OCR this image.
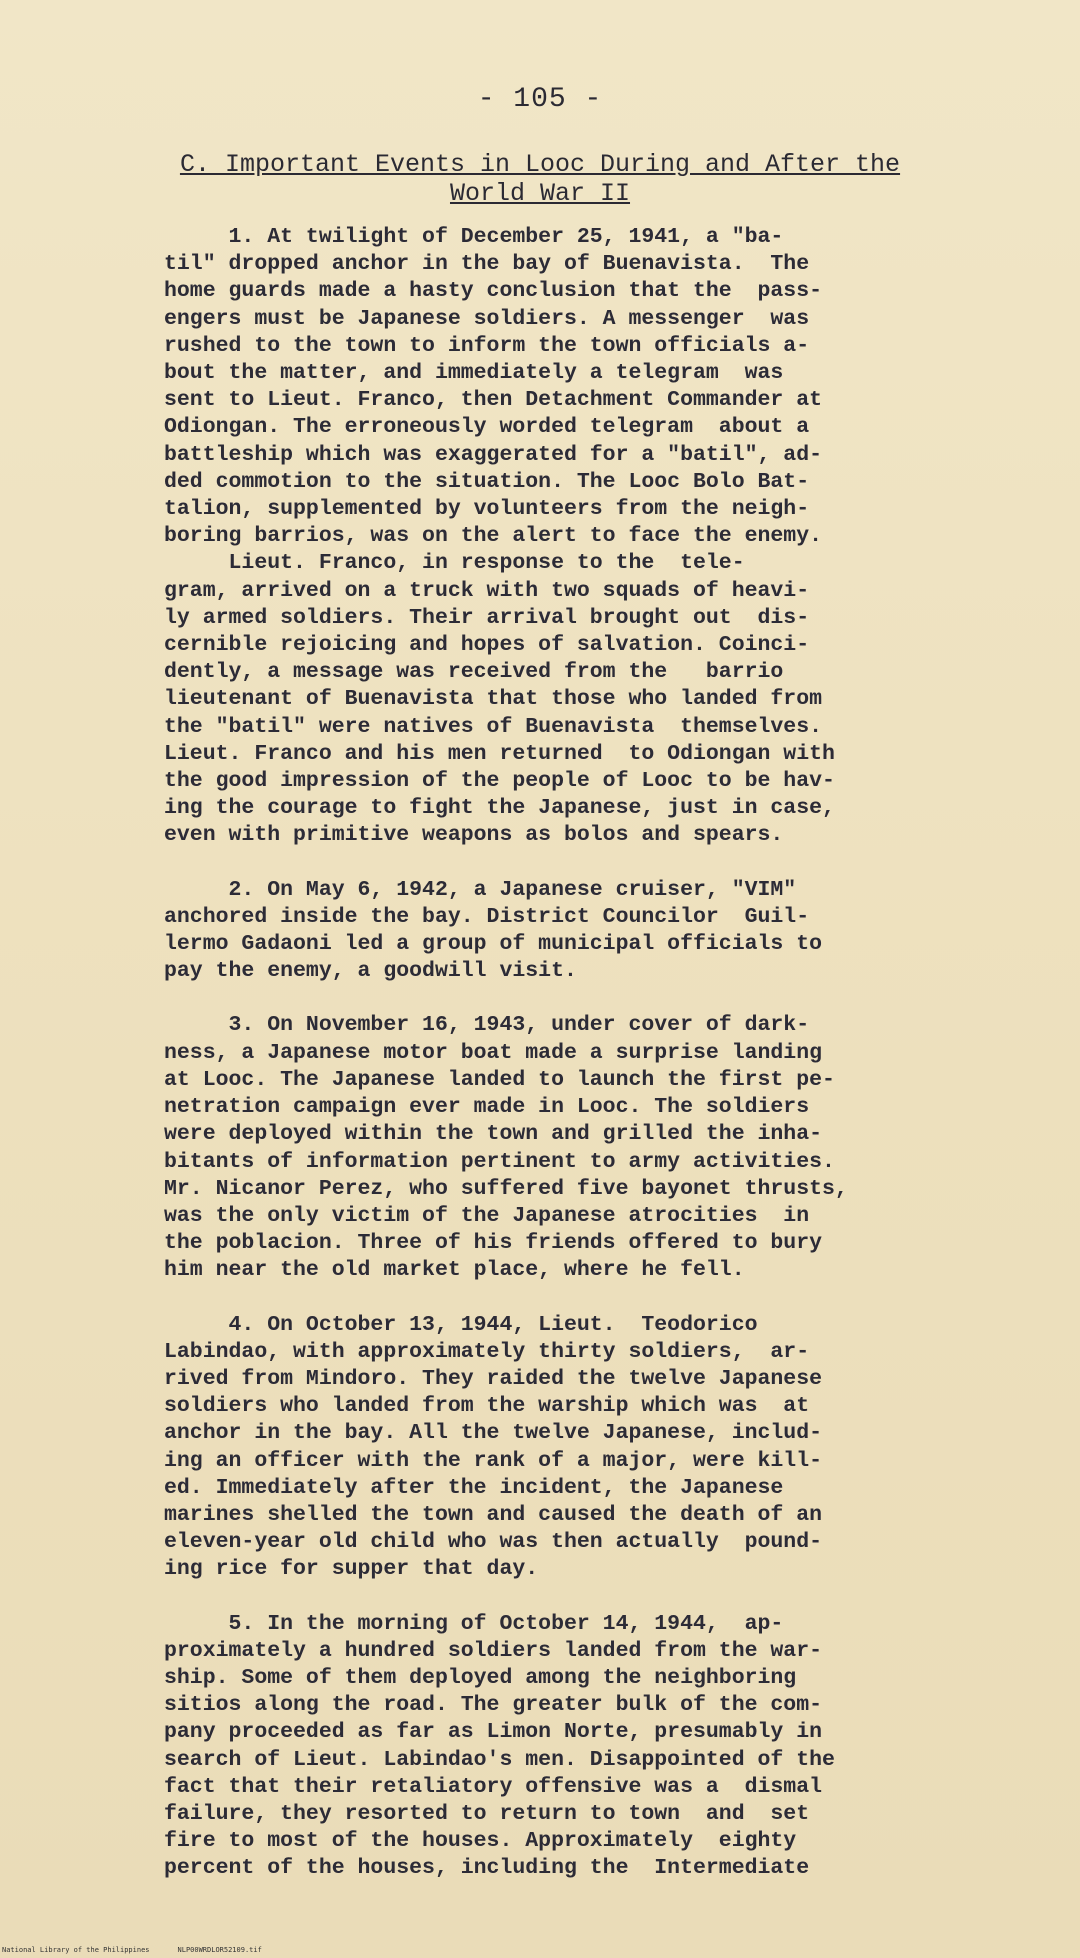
- 105 -
C. Important Events in Looc During and After the
World War II
1. At twilight of December 25, 1941, a "ba-
til" dropped anchor in the bay of Buenavista.  The
home guards made a hasty conclusion that the  pass-
engers must be Japanese soldiers. A messenger  was
rushed to the town to inform the town officials a-
bout the matter, and immediately a telegram  was
sent to Lieut. Franco, then Detachment Commander at
Odiongan. The erroneously worded telegram  about a
battleship which was exaggerated for a "batil", ad-
ded commotion to the situation. The Looc Bolo Bat-
talion, supplemented by volunteers from the neigh-
boring barrios, was on the alert to face the enemy.
Lieut. Franco, in response to the  tele-
gram, arrived on a truck with two squads of heavi-
ly armed soldiers. Their arrival brought out  dis-
cernible rejoicing and hopes of salvation. Coinci-
dently, a message was received from the   barrio
lieutenant of Buenavista that those who landed from
the "batil" were natives of Buenavista  themselves.
Lieut. Franco and his men returned  to Odiongan with
the good impression of the people of Looc to be hav-
ing the courage to fight the Japanese, just in case,
even with primitive weapons as bolos and spears.
2. On May 6, 1942, a Japanese cruiser, "VIM"
anchored inside the bay. District Councilor  Guil-
lermo Gadaoni led a group of municipal officials to
pay the enemy, a goodwill visit.
3. On November 16, 1943, under cover of dark-
ness, a Japanese motor boat made a surprise landing
at Looc. The Japanese landed to launch the first pe-
netration campaign ever made in Looc. The soldiers
were deployed within the town and grilled the inha-
bitants of information pertinent to army activities.
Mr. Nicanor Perez, who suffered five bayonet thrusts,
was the only victim of the Japanese atrocities  in
the poblacion. Three of his friends offered to bury
him near the old market place, where he fell.
4. On October 13, 1944, Lieut.  Teodorico
Labindao, with approximately thirty soldiers,  ar-
rived from Mindoro. They raided the twelve Japanese
soldiers who landed from the warship which was  at
anchor in the bay. All the twelve Japanese, includ-
ing an officer with the rank of a major, were kill-
ed. Immediately after the incident, the Japanese
marines shelled the town and caused the death of an
eleven-year old child who was then actually  pound-
ing rice for supper that day.
5. In the morning of October 14, 1944,  ap-
proximately a hundred soldiers landed from the war-
ship. Some of them deployed among the neighboring
sitios along the road. The greater bulk of the com-
pany proceeded as far as Limon Norte, presumably in
search of Lieut. Labindao's men. Disappointed of the
fact that their retaliatory offensive was a  dismal
failure, they resorted to return to town  and  set
fire to most of the houses. Approximately  eighty
percent of the houses, including the  Intermediate
National Library of the Philippines	NLP00WRDLOR52109.tif
